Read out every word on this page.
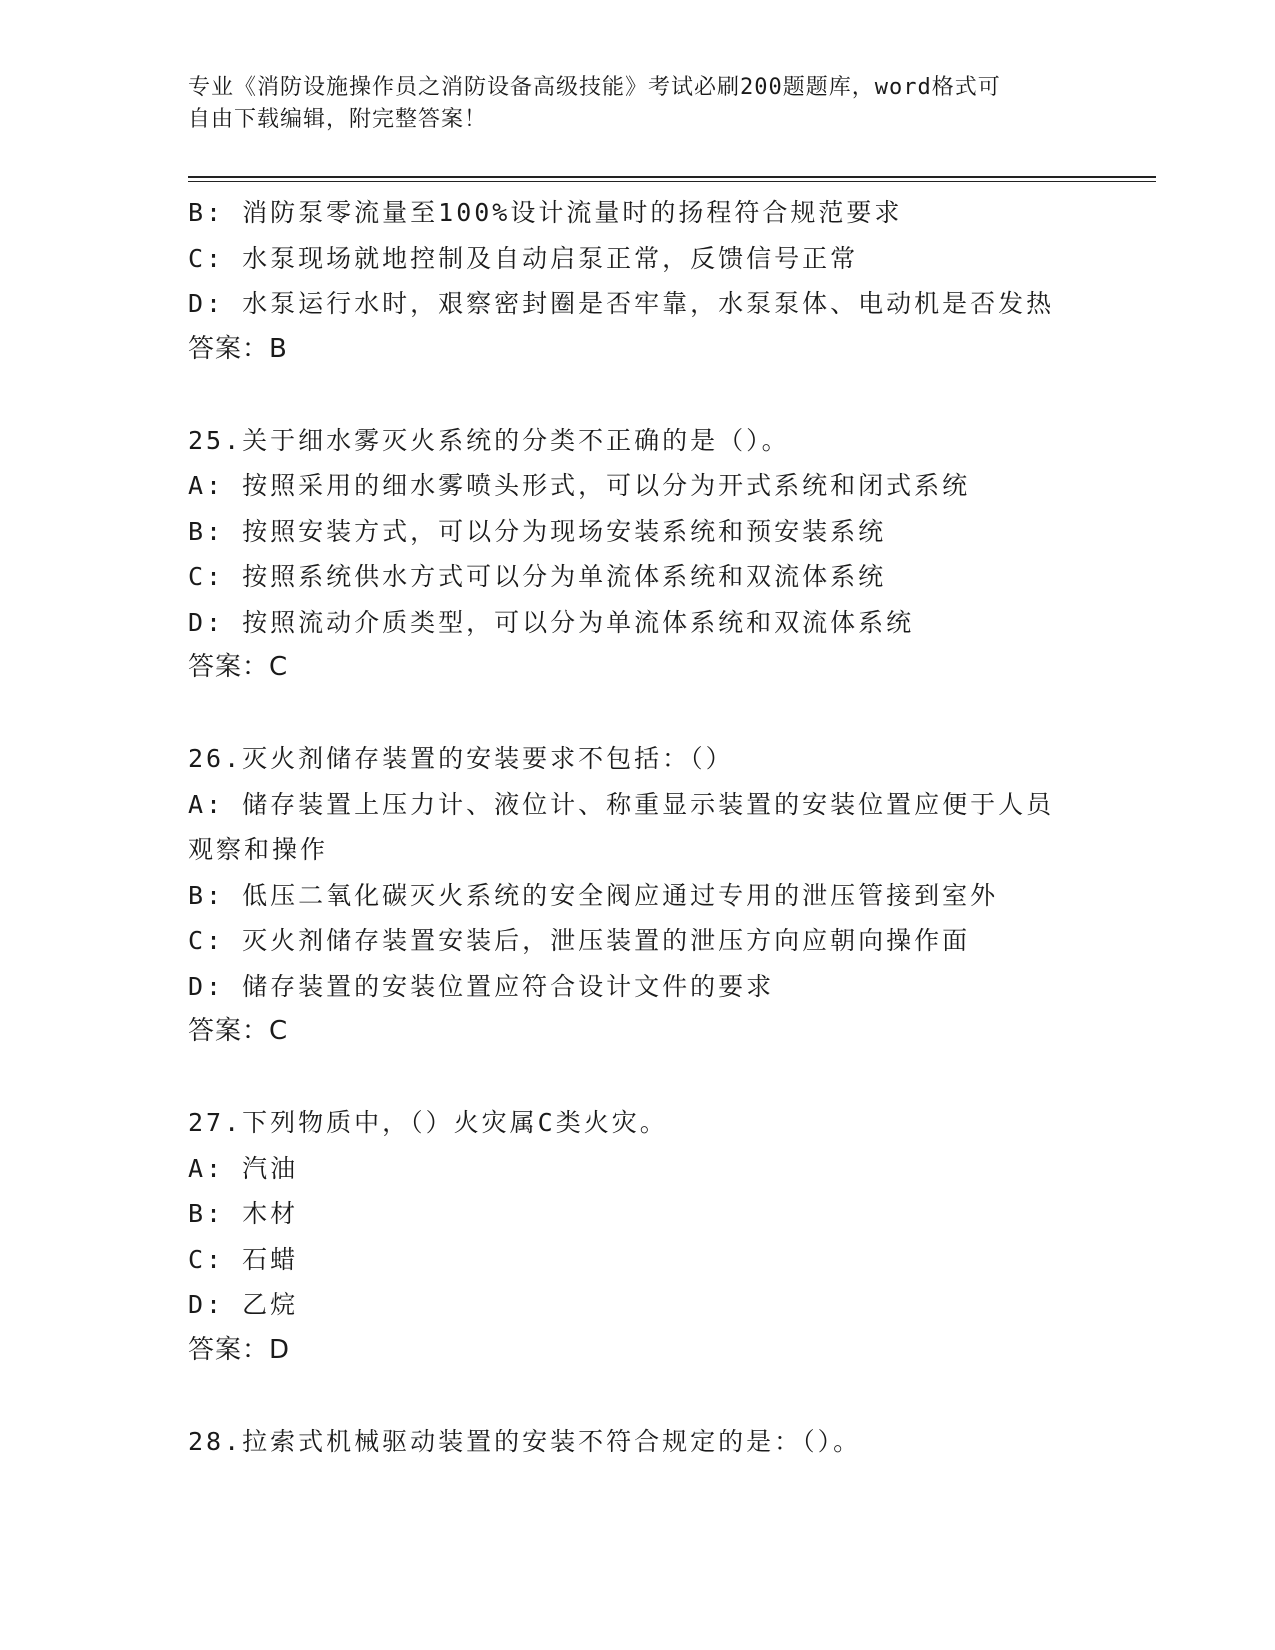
专业《消防设施操作员之消防设备高级技能》考试必刷200题题库，word格式可
自由下载编辑，附完整答案！
B: 消防泵零流量至100%设计流量时的扬程符合规范要求
C: 水泵现场就地控制及自动启泵正常，反馈信号正常
D: 水泵运行水时，艰察密封圈是否牢靠，水泵泵体、电动机是否发热
答案：B
25.关于细水雾灭火系统的分类不正确的是（）。
A: 按照采用的细水雾喷头形式，可以分为开式系统和闭式系统
B: 按照安装方式，可以分为现场安装系统和预安装系统
C: 按照系统供水方式可以分为单流体系统和双流体系统
D: 按照流动介质类型，可以分为单流体系统和双流体系统
答案：C
26.灭火剂储存装置的安装要求不包括：（）
A: 储存装置上压力计、液位计、称重显示装置的安装位置应便于人员
观察和操作
B: 低压二氧化碳灭火系统的安全阀应通过专用的泄压管接到室外
C: 灭火剂储存装置安装后，泄压装置的泄压方向应朝向操作面
D: 储存装置的安装位置应符合设计文件的要求
答案：C
27.下列物质中，（）火灾属C类火灾。
A: 汽油
B: 木材
C: 石蜡
D: 乙烷
答案：D
28.拉索式机械驱动装置的安装不符合规定的是：（）。
